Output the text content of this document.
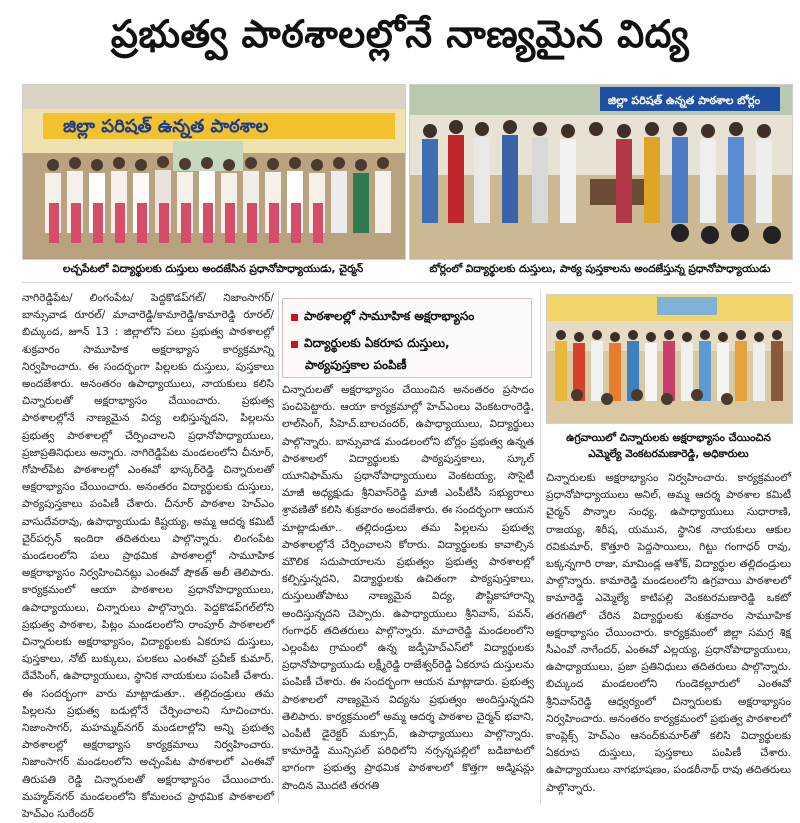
ప్రభుత్వ పాఠశాలల్లోనే నాణ్యమైన విద్య
జిల్లా పరిషత్ ఉన్నత పాఠశాల
జిల్లా పరిషత్ ఉన్నత పాఠశాల బోర్లం
లచ్చపేటలో విద్యార్థులకు దుస్తులు అందజేసిన ప్రధానోపాధ్యాయుడు, చైర్మన్	బోర్లంలో విద్యార్థులకు దుస్తులు, పాఠ్య పుస్తకాలను అందజేస్తున్న ప్రధానోపాధ్యాయుడు

నాగిరెడ్డిపేట/ లింగంపేట/ పెద్దకొడప్‌గల్/ నిజాంసాగర్/ బాన్సువాడ రూరల్/ మాచారెడ్డి/కామారెడ్డి/కామారెడ్డి రూరల్/ బిచ్కుంద, జూన్ 13 : జిల్లాలోని పలు ప్రభుత్వ పాఠశాలల్లో శుక్రవారం సామూహిక అక్షరాభ్యాస కార్యక్రమాన్ని నిర్వహించారు. ఈ సందర్భంగా పిల్లలకు దుస్తులు, పుస్తకాలు అందజేశారు. అనంతరం ఉపాధ్యాయులు, నాయకులు కలిసి చిన్నారులతో అక్షరాభ్యాసం చేయించారు. ప్రభుత్వ పాఠశాలల్లోనే నాణ్యమైన విద్య లభిస్తున్నదని, పిల్లలను ప్రభుత్వ పాఠశాలల్లో చేర్పించాలని ప్రధానోపాధ్యాయులు, ప్రజాప్రతినిధులు అన్నారు. నాగిరెడ్డిపేట మండలంలోని చీనూర్, గోపాల్‌పేట పాఠశాలల్లో ఎంఈవో భాస్కర్‌రెడ్డి చిన్నారులతో అక్షరాభ్యాసం చేయించారు. అనంతరం విద్యార్థులకు దుస్తులు, పాఠ్యపుస్తకాలు పంపిణీ చేశారు. చీనూర్ పాఠశాల హెచ్‌ఎం వాసుదేవరావు, ఉపాధ్యాయుడు కిష్టయ్య, అమ్మ ఆదర్శ కమిటీ చైర్‌పర్సన్ ఇందిరా తదితరులు పాల్గొన్నారు. లింగంపేట మండలంలోని పలు ప్రాథమిక పాఠశాలల్లో సామూహిక అక్షరాభ్యాసం నిర్వహించినట్లు ఎంఈవో షౌకత్ అలీ తెలిపారు. కార్యక్రమంలో ఆయా పాఠశాలల ప్రధానోపాధ్యాయులు, ఉపాధ్యాయులు, చిన్నారులు పాల్గొన్నారు. పెద్దకొడప్‌గల్‌లోని ప్రభుత్వ పాఠశాల, పిట్లం మండలంలోని రాంపూర్ పాఠశాలలో చిన్నారులకు అక్షరాభ్యాసం, విద్యార్థులకు ఏకరూప దుస్తులు, పుస్తకాలు, నోట్ బుక్కులు, పలకలు ఎంఈవో ప్రవీణ్ కుమార్, దేవేసింగ్, ఉపాధ్యాయులు, స్థానిక నాయకులు పంపిణీ చేశారు. ఈ సందర్భంగా వారు మాట్లాడుతూ.. తల్లిదండ్రులు తమ పిల్లలను ప్రభుత్వ బడుల్లోనే చేర్పించాలని సూచించారు. నిజాంసాగర్, మహమ్మద్‌నగర్ మండలాల్లోని అన్ని ప్రభుత్వ పాఠశాలల్లో అక్షరాభ్యాస కార్యక్రమాలు నిర్వహించారు. నిజాంసాగర్ మండలంలోని అచ్చంపేట పాఠశాలలో ఎంఈవో తిరుపతి రెడ్డి చిన్నారులతో అక్షరాభ్యాసం చేయించారు. మహ్మద్‌నగర్ మండలంలోని కోమలంచ ప్రాథమిక పాఠశాలలో హెచ్‌ఎం సురేందర్

పాఠశాలల్లో సామూహిక అక్షరాభ్యాసం
విద్యార్థులకు ఏకరూప దుస్తులు,
పాఠ్యపుస్తకాల పంపిణీ

చిన్నారులతో అక్షరాభ్యాసం చేయించిన అనంతరం ప్రసాదం పంచిపెట్టారు. ఆయా కార్యక్రమాల్లో హెచ్‌ఎంలు వెంకటరాంరెడ్డి, లాల్‌సింగ్, సీహెచ్.బాలచందర్, ఉపాధ్యాయులు, విద్యార్థులు పాల్గొన్నారు. బాన్సువాడ మండలంలోని బోర్లం ప్రభుత్వ ఉన్నత పాఠశాలలో విద్యార్థులకు పాఠ్యపుస్తకాలు, స్కూల్ యూనిఫామ్‌ను ప్రధానోపాధ్యాయులు వెంకటయ్య, సొసైటీ మాజీ అధ్యక్షుడు శ్రీనివాస్‌రెడ్డి మాజీ ఎంపీటీసీ సభ్యురాలు శ్రావణితో కలిసి శుక్రవారం అందజేశారు. ఈ సందర్భంగా ఆయన మాట్లాడుతూ.. తల్లిదండ్రులు తమ పిల్లలను ప్రభుత్వ పాఠశాలల్లోనే చేర్పించాలని కోరారు. విద్యార్థులకు కావాల్సిన మౌలిక సదుపాయాలను ప్రభుత్వం ప్రభుత్వ పాఠశాలల్లో కల్పిస్తున్నదని, విద్యార్థులకు ఉచితంగా పాఠ్యపుస్తకాలు, దుస్తులుతోపాటు నాణ్యమైన విద్య, పౌష్టికాహారాన్ని అందిస్తున్నదని చెప్పారు. ఉపాధ్యాయులు శ్రీనివాస్, పవన్, గంగాధర్ తదితరులు పాల్గొన్నారు. మాచారెడ్డి మండలంలోని ఎల్లంపేట గ్రామంలో ఉన్న జడ్పీహెచ్‌ఎస్‌లో విద్యార్థులకు ప్రధానోపాధ్యాయుడు లక్ష్మీరెడ్డి రాజేశ్వర్‌రెడ్డి ఏకరూప దుస్తులను పంపిణీ చేశారు. ఈ సందర్భంగా ఆయన మాట్లాడారు. ప్రభుత్వ పాఠశాలలో నాణ్యమైన విద్యను ప్రభుత్వం అందిస్తున్నదని తెలిపారు. కార్యక్రమంలో అమ్మ ఆదర్శ పాఠశాల చైర్మన్ భవాని, ఎంపీటీ డైరెక్టర్ మక్సూద్, ఉపాధ్యాయులు పాల్గొన్నారు. కామారెడ్డి మున్సిపల్ పరిధిలోని నర్సన్నపల్లిలో బడిబాటలో భాగంగా ప్రభుత్వ ప్రాథమిక పాఠశాలలో కొత్తగా అడ్మిషన్లు పొందిన మొదటి తరగతి

ఉగ్రవాయిలో చిన్నారులకు అక్షరాభ్యాసం చేయించిన
ఎమ్మెల్యే వెంకటరమణారెడ్డి, అధికారులు

చిన్నారులకు అక్షరాభ్యాసం నిర్వహించారు. కార్యక్రమంలో ప్రధానోపాధ్యాయులు అనిల్, అమ్మ ఆదర్శ పాఠశాల కమిటీ చైర్మన్ పొన్నాల సంధ్య, ఉపాధ్యాయులు సుధారాణి, రాజయ్య, శిరీష, యమున, స్థానిక నాయకులు ఆకుల రవికుమార్, కొత్తూరి పెద్దసాయిలు, గిట్టు గంగాధర్ రావు, బక్కన్నగారి రాజు, మామిండ్ల ఆశోక్, విద్యార్థుల తల్లిదండ్రులు పాల్గొన్నారు. కామారెడ్డి మండలంలోని ఉగ్రవాయి పాఠశాలలో కామారెడ్డి ఎమ్మెల్యే కాటిపల్లి వెంకటరమణారెడ్డి ఒకటో తరగతిలో చేరిన విద్యార్థులకు శుక్రవారం సామూహిక అక్షరాభ్యాసం చేయించారు. కార్యక్రమంలో జిల్లా సమగ్ర శిక్ష సీఎంవో నాగేందర్, ఎంఈవో ఎల్లయ్య, ప్రధానోపాధ్యాయులు, ఉపాధ్యాయులు, ప్రజా ప్రతినిధులు తదితరులు పాల్గొన్నారు. బిచ్కుంద మండలంలోని గుండెకల్లూరులో ఎంఈవో శ్రీనివాస్‌రెడ్డి ఆధ్వర్యంలో చిన్నారులకు అక్షరాభ్యాసం నిర్వహించారు. అనంతరం కార్యక్రమంలో ప్రభుత్వ పాఠశాలలో కాంప్లెక్స్ హెచ్‌ఎం ఆనంద్‌కుమార్‌తో కలిసి విద్యార్థులకు ఏకరూప దుస్తులు, పుస్తకాలు పంపిణీ చేశారు. ఉపాధ్యాయులు నాగభూషణం, పండరీనాథ్ రావు తదితరులు పాల్గొన్నారు.
